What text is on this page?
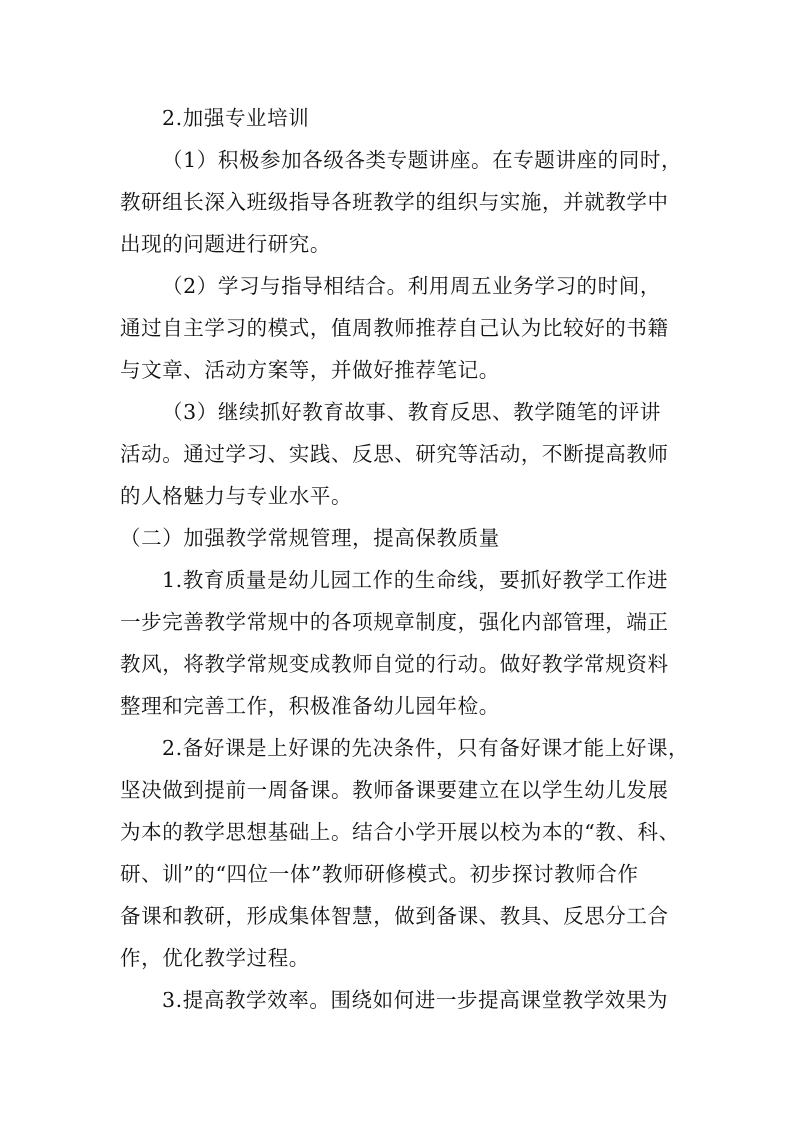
2.加强专业培训
（1）积极参加各级各类专题讲座。在专题讲座的同时，
教研组长深入班级指导各班教学的组织与实施，并就教学中
出现的问题进行研究。
（2）学习与指导相结合。利用周五业务学习的时间，
通过自主学习的模式，值周教师推荐自己认为比较好的书籍
与文章、活动方案等，并做好推荐笔记。
（3）继续抓好教育故事、教育反思、教学随笔的评讲
活动。通过学习、实践、反思、研究等活动，不断提高教师
的人格魅力与专业水平。
（二）加强教学常规管理，提高保教质量
1.教育质量是幼儿园工作的生命线，要抓好教学工作进
一步完善教学常规中的各项规章制度，强化内部管理，端正
教风，将教学常规变成教师自觉的行动。做好教学常规资料
整理和完善工作，积极准备幼儿园年检。
2.备好课是上好课的先决条件，只有备好课才能上好课，
坚决做到提前一周备课。教师备课要建立在以学生幼儿发展
为本的教学思想基础上。结合小学开展以校为本的“教、科、
研、训”的“四位一体”教师研修模式。初步探讨教师合作
备课和教研，形成集体智慧，做到备课、教具、反思分工合
作，优化教学过程。
3.提高教学效率。围绕如何进一步提高课堂教学效果为
